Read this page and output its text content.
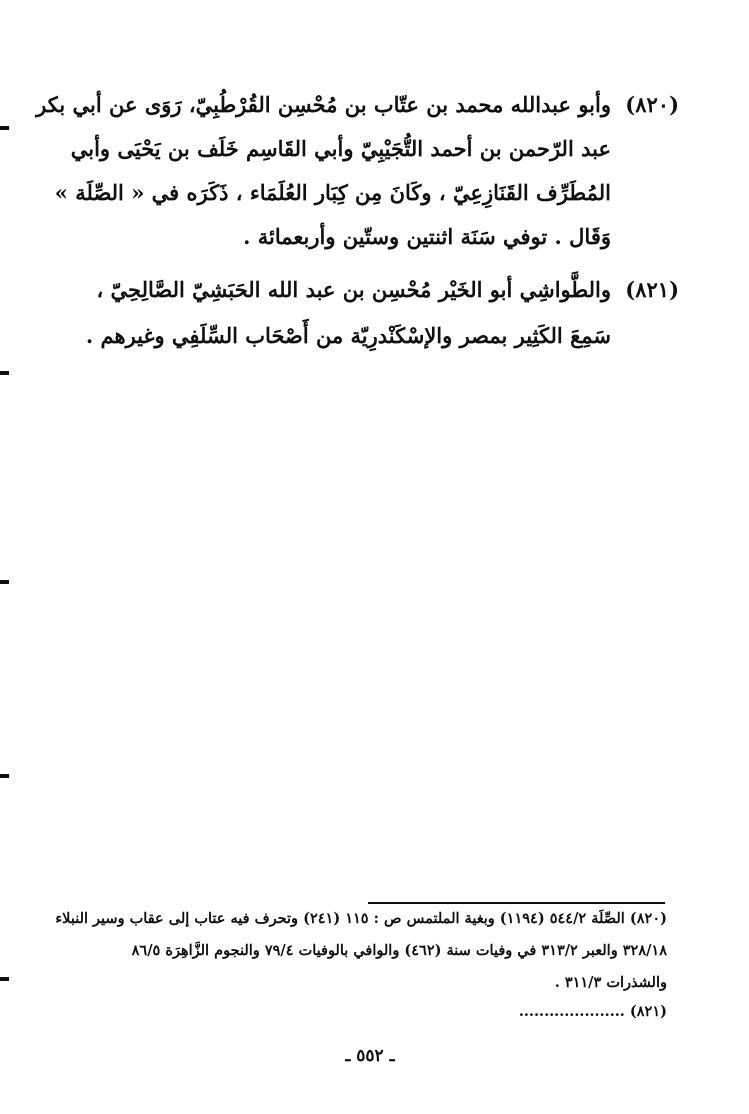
(٨٢٠)
وأبو عبدالله محمد بن عتّاب بن مُحْسِن القُرْطُبِيّ، رَوَى عن أبي بكر
عبد الرّحمن بن أحمد التُّجَيْبِيّ وأبي القَاسِم خَلَف بن يَحْيَى وأبي
المُطَرِّف القَنَازِعِيّ ، وكَانَ مِن كِبَار العُلَمَاء ، ذَكَرَه في « الصِّلَة »
وَقَال . توفي سَنَة اثنتين وستّين وأربعمائة .
(٨٢١)
والطَّواشِي أبو الخَيْر مُحْسِن بن عبد الله الحَبَشِيّ الصَّالِحِيّ ،
سَمِعَ الكَثِير بمصر والإسْكَنْدرِيّة من أَصْحَاب السِّلَفِي وغيرهم .
(٨٢٠) الصِّلَة ٥٤٤/٢ (١١٩٤) وبغية الملتمس ص : ١١٥ (٢٤١) وتحرف فيه عتاب إلى عقاب وسير النبلاء
٣٢٨/١٨ والعبر ٣١٣/٢ في وفيات سنة (٤٦٢) والوافي بالوفيات ٧٩/٤ والنجوم الزَّاهِرَة ٨٦/٥
والشذرات ٣١١/٣ .
(٨٢١) .....................
ـ ٥٥٢ ـ
